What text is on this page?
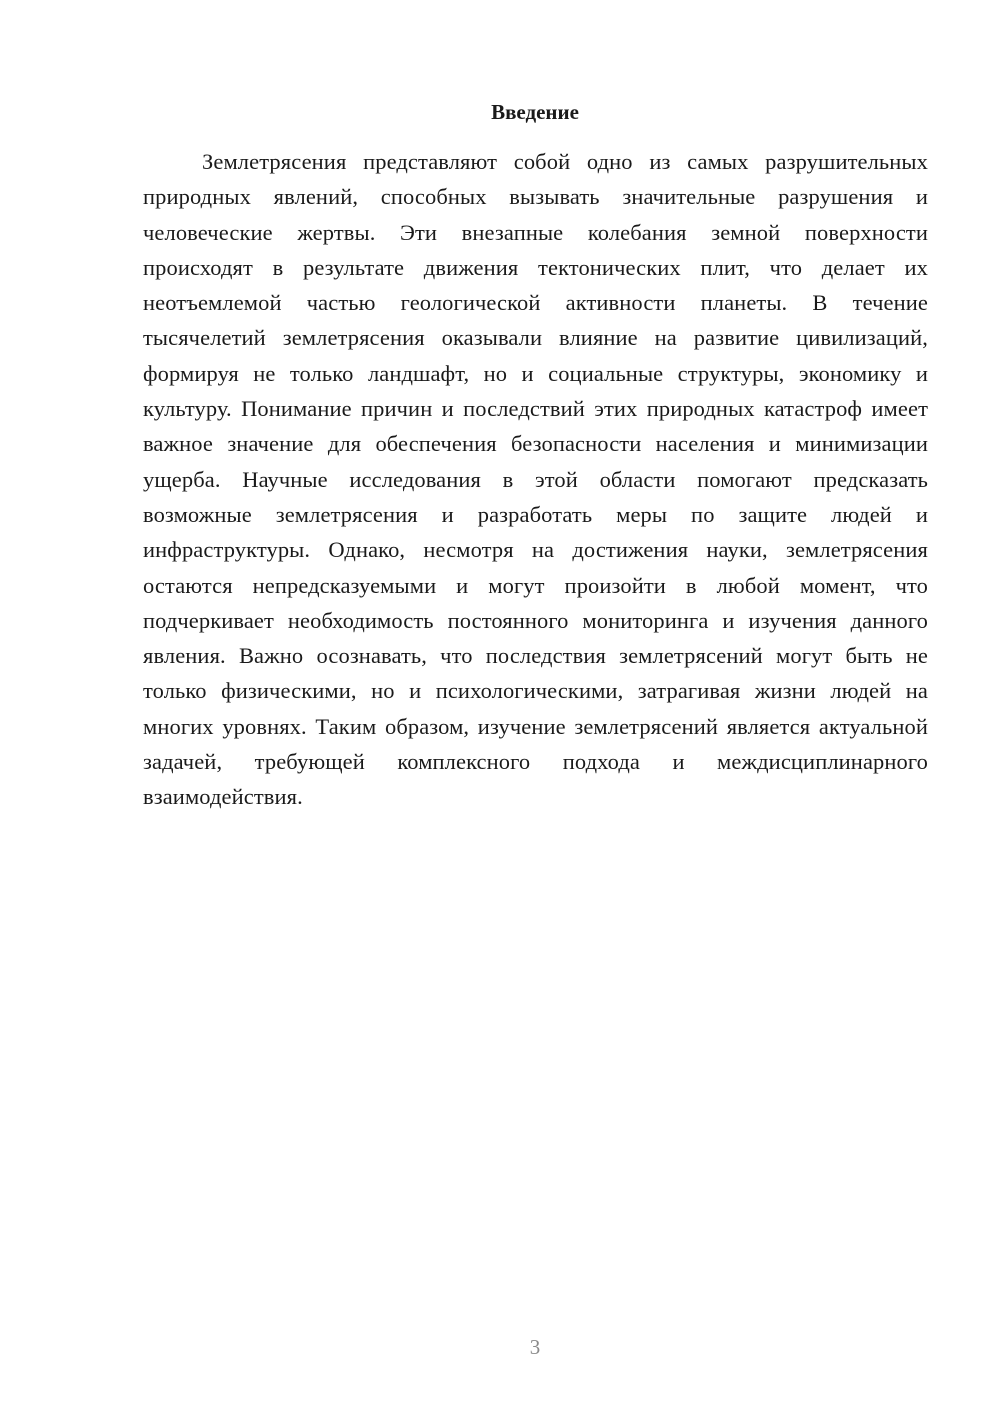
Введение

Землетрясения представляют собой одно из самых разрушительных природных явлений, способных вызывать значительные разрушения и человеческие жертвы. Эти внезапные колебания земной поверхности происходят в результате движения тектонических плит, что делает их неотъемлемой частью геологической активности планеты. В течение тысячелетий землетрясения оказывали влияние на развитие цивилизаций, формируя не только ландшафт, но и социальные структуры, экономику и культуру. Понимание причин и последствий этих природных катастроф имеет важное значение для обеспечения безопасности населения и минимизации ущерба. Научные исследования в этой области помогают предсказать возможные землетрясения и разработать меры по защите людей и инфраструктуры. Однако, несмотря на достижения науки, землетрясения остаются непредсказуемыми и могут произойти в любой момент, что подчеркивает необходимость постоянного мониторинга и изучения данного явления. Важно осознавать, что последствия землетрясений могут быть не только физическими, но и психологическими, затрагивая жизни людей на многих уровнях. Таким образом, изучение землетрясений является актуальной задачей, требующей комплексного подхода и междисциплинарного взаимодействия.

3
